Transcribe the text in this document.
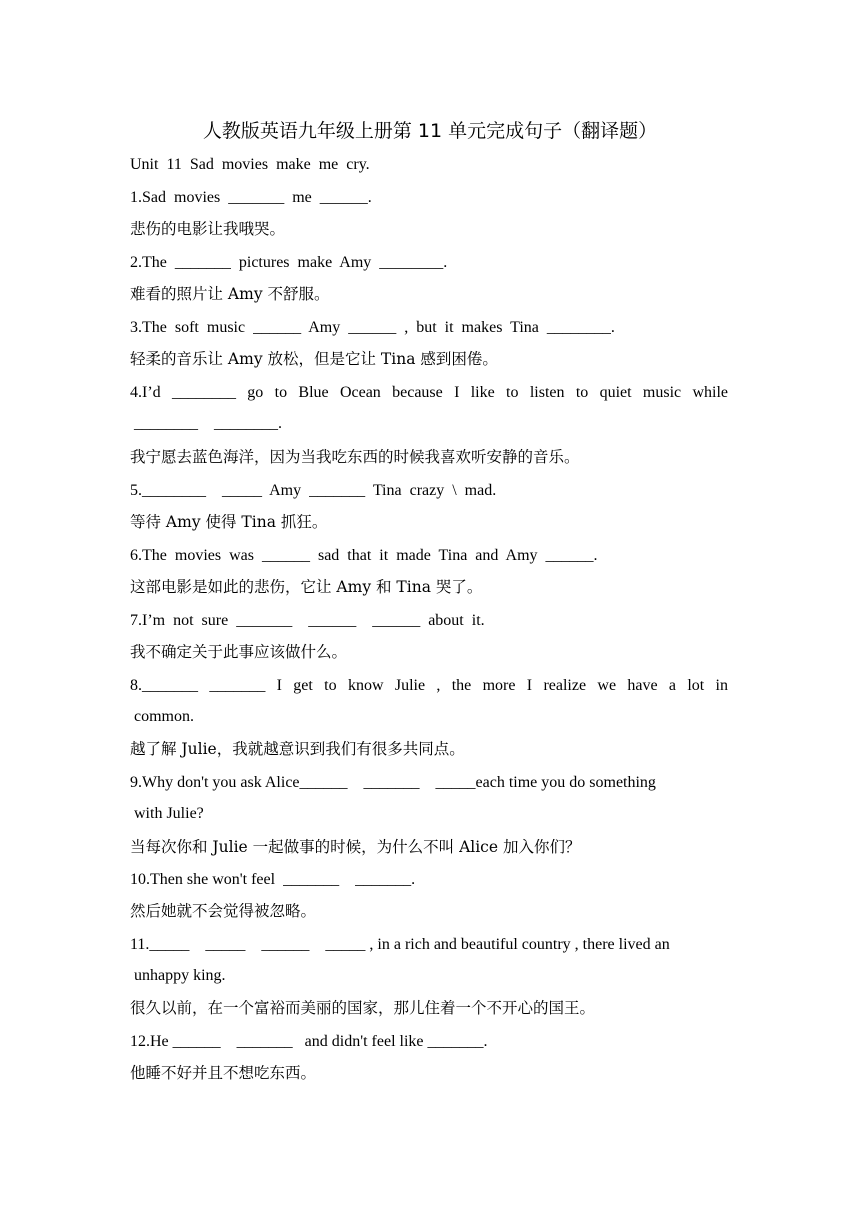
人教版英语九年级上册第 11 单元完成句子（翻译题）
Unit  11  Sad  movies  make  me  cry.
1.Sad  movies  _______  me  ______.
悲伤的电影让我哦哭。
2.The  _______  pictures  make  Amy  ________.
难看的照片让 Amy 不舒服。
3.The  soft  music  ______  Amy  ______  ,  but  it  makes  Tina  ________.
轻柔的音乐让 Amy 放松，但是它让 Tina 感到困倦。
4.I’d ________ go to Blue Ocean because I like to listen to quiet music while
________    ________.
我宁愿去蓝色海洋，因为当我吃东西的时候我喜欢听安静的音乐。
5.________    _____  Amy  _______  Tina  crazy  \  mad.
等待 Amy 使得 Tina 抓狂。
6.The  movies  was  ______  sad  that  it  made  Tina  and  Amy  ______.
这部电影是如此的悲伤，它让 Amy 和 Tina 哭了。
7.I’m  not  sure  _______    ______    ______  about  it.
我不确定关于此事应该做什么。
8._______ _______ I get to know Julie , the more I realize we have a lot in
common.
越了解 Julie，我就越意识到我们有很多共同点。
9.Why don't you ask Alice______    _______    _____each time you do something
with Julie?
当每次你和 Julie 一起做事的时候，为什么不叫 Alice 加入你们？
10.Then she won't feel  _______    _______.
然后她就不会觉得被忽略。
11._____    _____    ______    _____ , in a rich and beautiful country , there lived an
unhappy king.
很久以前，在一个富裕而美丽的国家，那儿住着一个不开心的国王。
12.He ______    _______   and didn't feel like _______.
他睡不好并且不想吃东西。
